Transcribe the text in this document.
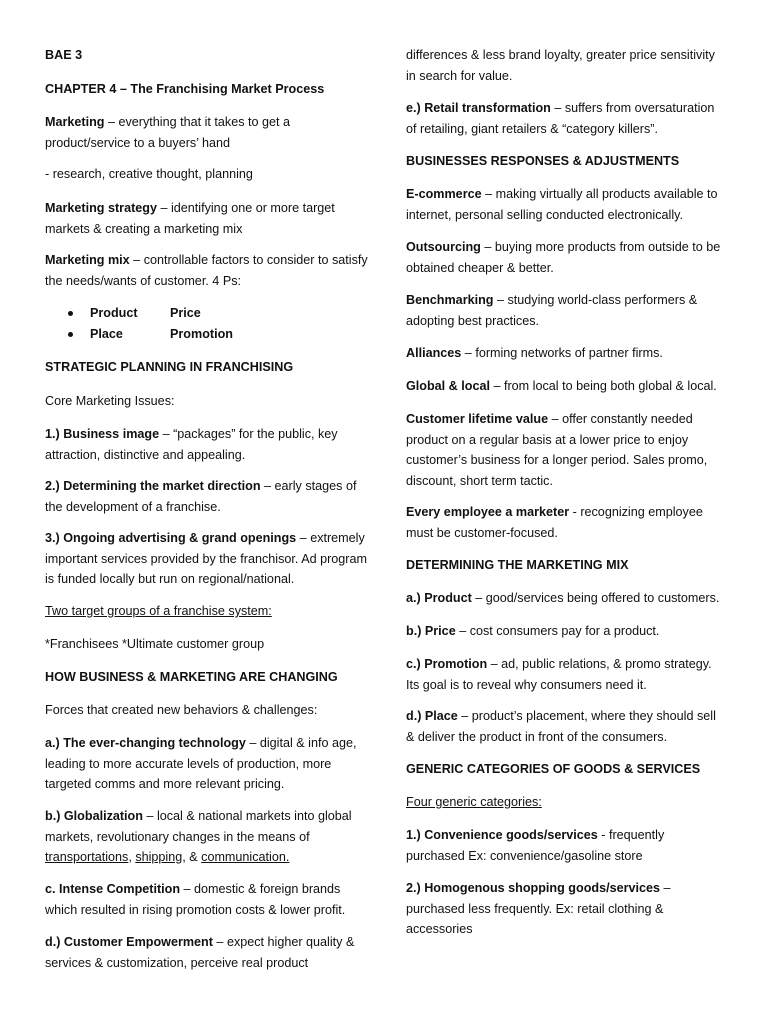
BAE 3

CHAPTER 4 – The Franchising Market Process

Marketing – everything that it takes to get a product/service to a buyers’ hand

- research, creative thought, planning

Marketing strategy – identifying one or more target markets & creating a marketing mix

Marketing mix – controllable factors to consider to satisfy the needs/wants of customer. 4 Ps:

Product	Price
Place	Promotion

STRATEGIC PLANNING IN FRANCHISING

Core Marketing Issues:

1.) Business image – “packages” for the public, key attraction, distinctive and appealing.

2.) Determining the market direction – early stages of the development of a franchise.

3.) Ongoing advertising & grand openings – extremely important services provided by the franchisor. Ad program is funded locally but run on regional/national.

Two target groups of a franchise system:

*Franchisees *Ultimate customer group

HOW BUSINESS & MARKETING ARE CHANGING

Forces that created new behaviors & challenges:

a.) The ever-changing technology – digital & info age, leading to more accurate levels of production, more targeted comms and more relevant pricing.

b.) Globalization – local & national markets into global markets, revolutionary changes in the means of transportations, shipping, & communication.

c. Intense Competition – domestic & foreign brands which resulted in rising promotion costs & lower profit.

d.) Customer Empowerment – expect higher quality & services & customization, perceive real product

differences & less brand loyalty, greater price sensitivity in search for value.

e.) Retail transformation – suffers from oversaturation of retailing, giant retailers & “category killers”.

BUSINESSES RESPONSES & ADJUSTMENTS

E-commerce – making virtually all products available to internet, personal selling conducted electronically.

Outsourcing – buying more products from outside to be obtained cheaper & better.

Benchmarking – studying world-class performers & adopting best practices.

Alliances – forming networks of partner firms.

Global & local – from local to being both global & local.

Customer lifetime value – offer constantly needed product on a regular basis at a lower price to enjoy customer’s business for a longer period. Sales promo, discount, short term tactic.

Every employee a marketer - recognizing employee must be customer-focused.

DETERMINING THE MARKETING MIX

a.) Product – good/services being offered to customers.

b.) Price – cost consumers pay for a product.

c.) Promotion – ad, public relations, & promo strategy. Its goal is to reveal why consumers need it.

d.) Place – product’s placement, where they should sell & deliver the product in front of the consumers.

GENERIC CATEGORIES OF GOODS & SERVICES

Four generic categories:

1.) Convenience goods/services - frequently purchased Ex: convenience/gasoline store

2.) Homogenous shopping goods/services – purchased less frequently. Ex: retail clothing & accessories
